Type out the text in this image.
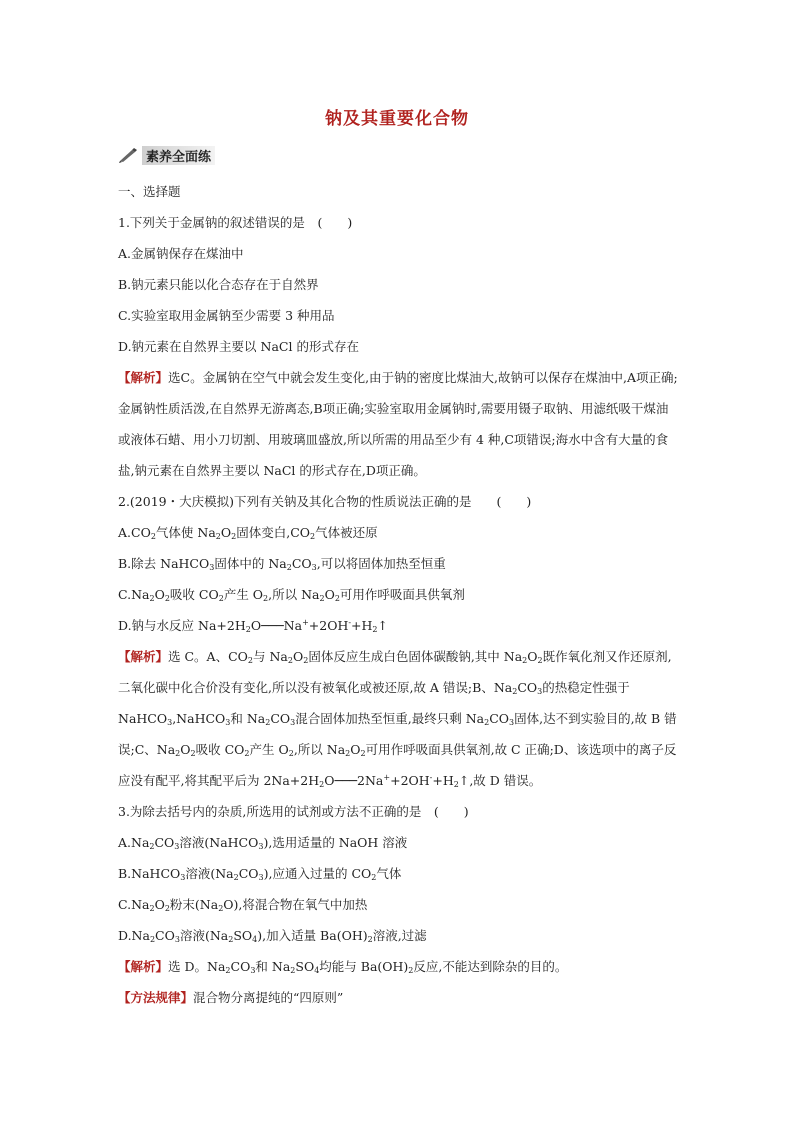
钠及其重要化合物
素养全面练
一、选择题
1.下列关于金属钠的叙述错误的是　 (　　)
A.金属钠保存在煤油中
B.钠元素只能以化合态存在于自然界
C.实验室取用金属钠至少需要 3 种用品
D.钠元素在自然界主要以 NaCl 的形式存在
【解析】选C。金属钠在空气中就会发生变化,由于钠的密度比煤油大,故钠可以保存在煤油中,A项正确;金属钠性质活泼,在自然界无游离态,B项正确;实验室取用金属钠时,需要用镊子取钠、用滤纸吸干煤油或液体石蜡、用小刀切割、用玻璃皿盛放,所以所需的用品至少有 4 种,C项错误;海水中含有大量的食盐,钠元素在自然界主要以 NaCl 的形式存在,D项正确。
2.(2019・大庆模拟)下列有关钠及其化合物的性质说法正确的是　　 (　　)
$A.CO_2$气体使 $Na_2O_2$固体变白$,CO_2$气体被还原
B.除去 NaHCO$_3$固体中的 $Na_2CO_3$,可以将固体加热至恒重
$C.Na_2O_2$吸收 $CO_2$产生 $O_2$,所以 $Na_2O_2$可用作呼吸面具供氧剂
D.钠与水反应 $Na+2H_2O───Na^++2OH^-+H_2↑$
【解析】选 C。A、$CO_2$与 $Na_2O_2$固体反应生成白色固体碳酸钠,其中 $Na_2O_2$既作氧化剂又作还原剂,二氧化碳中化合价没有变化,所以没有被氧化或被还原,故 A 错误;B、$Na_2CO_3$的热稳定性强于 NaHCO$_3$,NaHCO$_3$和 $Na_2CO_3$混合固体加热至恒重,最终只剩 $Na_2CO_3$固体,达不到实验目的,故 B 错误;C、$Na_2O_2$吸收 $CO_2$产生 $O_2$,所以 $Na_2O_2$可用作呼吸面具供氧剂,故 C 正确;D、该选项中的离子反应没有配平,将其配平后为 $2Na+2H_2O───2Na^++2OH^-+H_2↑$,故 D 错误。
3.为除去括号内的杂质,所选用的试剂或方法不正确的是　 (　　)
$A.Na_2CO_3$溶液(NaHCO$_3$),选用适量的 NaOH 溶液
B.NaHCO$_3$溶液$(Na_2CO_3)$,应通入过量的 $CO_2$气体
$C.Na_2O_2$粉末$(Na_2O)$,将混合物在氧气中加热
$D.Na_2CO_3$溶液$(Na_2SO_4)$,加入适量 $Ba(OH)_2$溶液,过滤
【解析】选 D。$Na_2CO_3$和 $Na_2SO_4$均能与 $Ba(OH)_2$反应,不能达到除杂的目的。
【方法规律】混合物分离提纯的“四原则”
